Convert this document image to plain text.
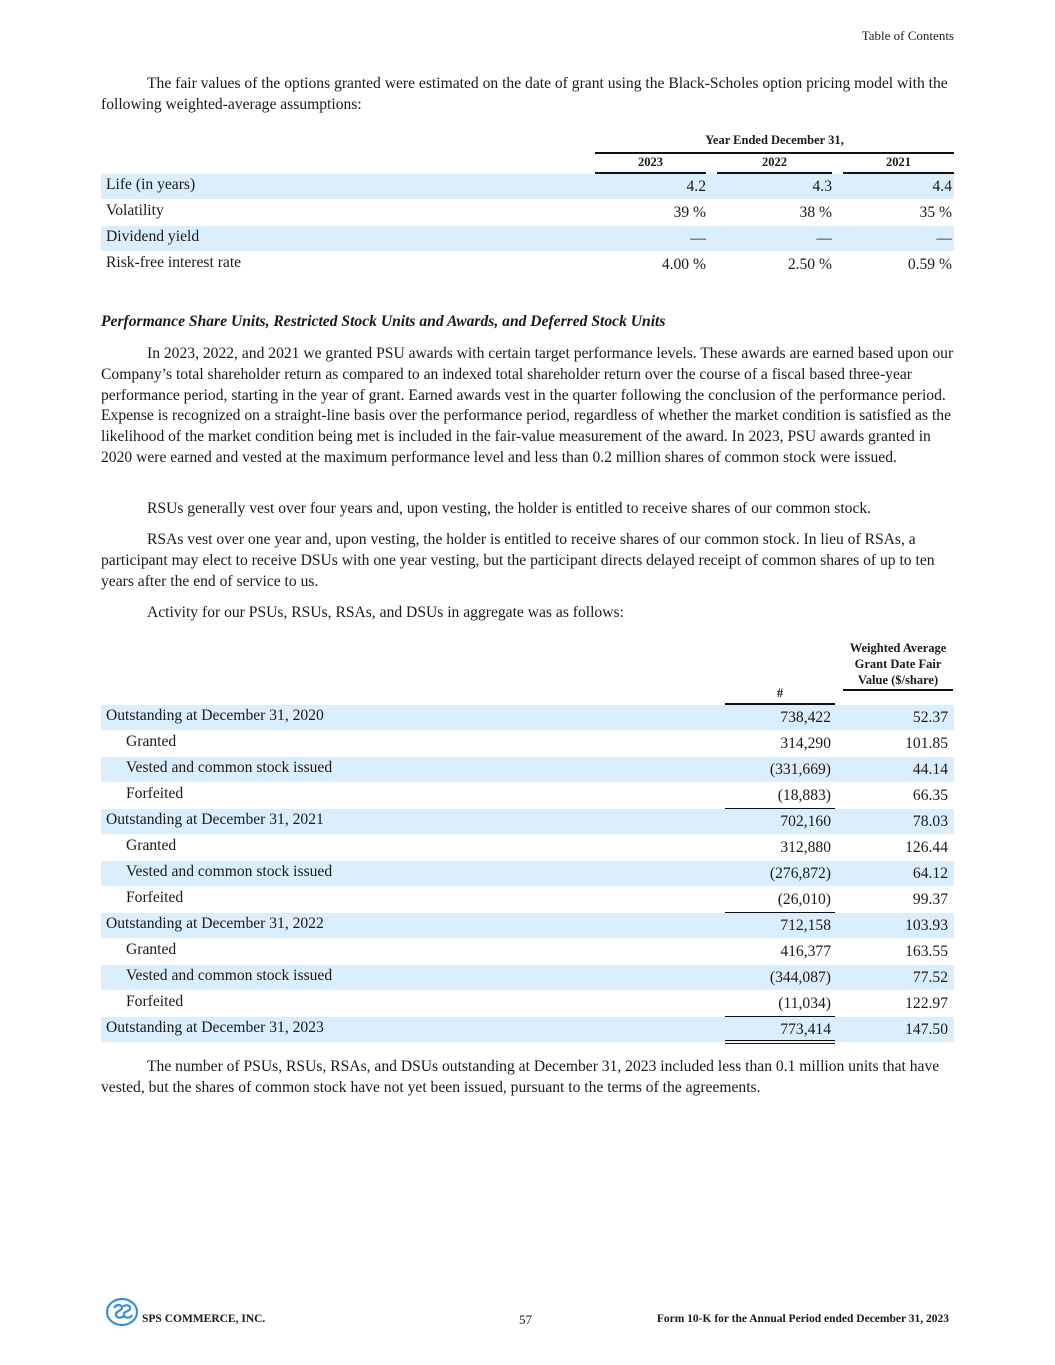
Table of Contents
The fair values of the options granted were estimated on the date of grant using the Black-Scholes option pricing model with the following weighted-average assumptions:
Year Ended December 31,
2023	2022	2021
Life (in years)	4.2	4.3	4.4
Volatility	39 %	38 %	35 %
Dividend yield	—	—	—
Risk-free interest rate	4.00 %	2.50 %	0.59 %
Performance Share Units, Restricted Stock Units and Awards, and Deferred Stock Units
In 2023, 2022, and 2021 we granted PSU awards with certain target performance levels. These awards are earned based upon our Company’s total shareholder return as compared to an indexed total shareholder return over the course of a fiscal based three-year performance period, starting in the year of grant. Earned awards vest in the quarter following the conclusion of the performance period. Expense is recognized on a straight-line basis over the performance period, regardless of whether the market condition is satisfied as the likelihood of the market condition being met is included in the fair-value measurement of the award. In 2023, PSU awards granted in 2020 were earned and vested at the maximum performance level and less than 0.2 million shares of common stock were issued.
RSUs generally vest over four years and, upon vesting, the holder is entitled to receive shares of our common stock.
RSAs vest over one year and, upon vesting, the holder is entitled to receive shares of our common stock. In lieu of RSAs, a participant may elect to receive DSUs with one year vesting, but the participant directs delayed receipt of common shares of up to ten years after the end of service to us.
Activity for our PSUs, RSUs, RSAs, and DSUs in aggregate was as follows:
#
Weighted Average Grant Date Fair Value ($/share)
Outstanding at December 31, 2020	738,422	52.37
Granted	314,290	101.85
Vested and common stock issued	(331,669)	44.14
Forfeited	(18,883)	66.35
Outstanding at December 31, 2021	702,160	78.03
Granted	312,880	126.44
Vested and common stock issued	(276,872)	64.12
Forfeited	(26,010)	99.37
Outstanding at December 31, 2022	712,158	103.93
Granted	416,377	163.55
Vested and common stock issued	(344,087)	77.52
Forfeited	(11,034)	122.97
Outstanding at December 31, 2023	773,414	147.50
The number of PSUs, RSUs, RSAs, and DSUs outstanding at December 31, 2023 included less than 0.1 million units that have vested, but the shares of common stock have not yet been issued, pursuant to the terms of the agreements.
SPS COMMERCE, INC.	57	Form 10-K for the Annual Period ended December 31, 2023
